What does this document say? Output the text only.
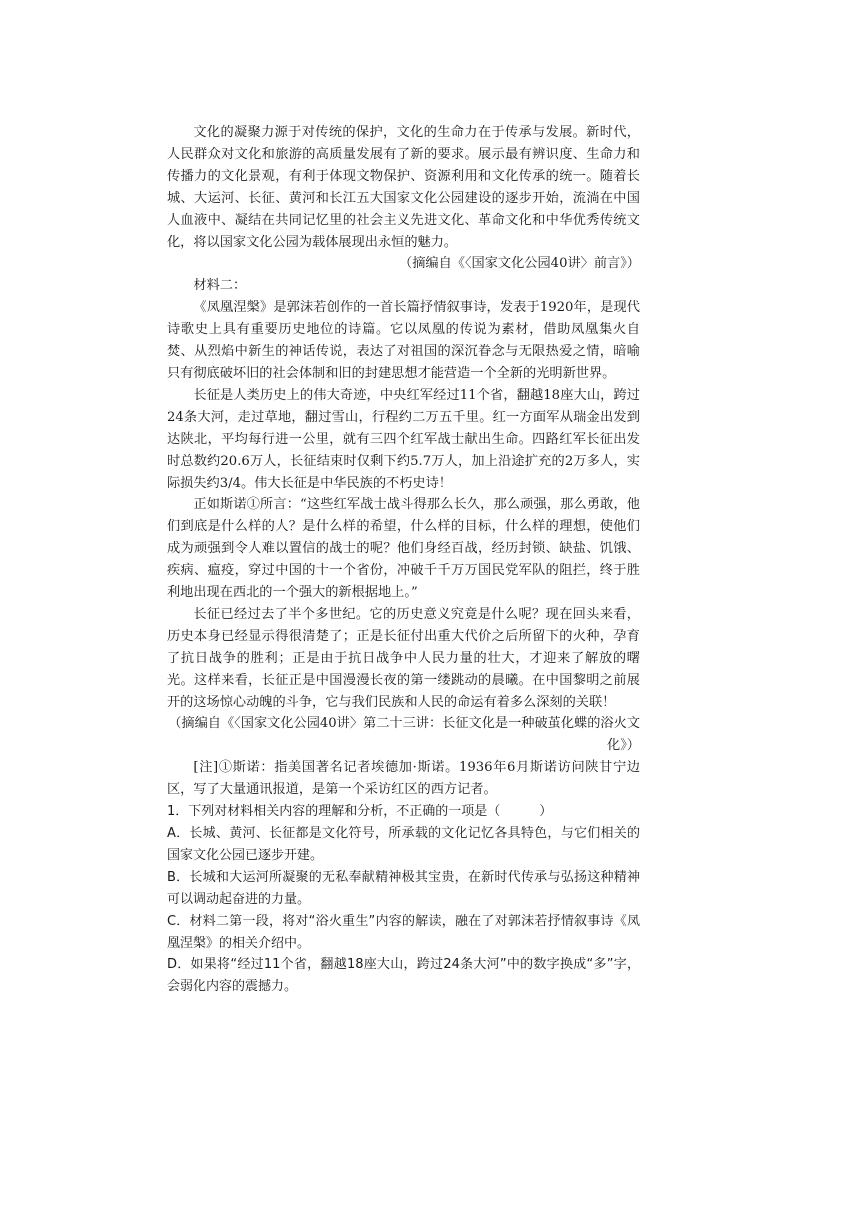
文化的凝聚力源于对传统的保护，文化的生命力在于传承与发展。新时代，人民群众对文化和旅游的高质量发展有了新的要求。展示最有辨识度、生命力和传播力的文化景观，有利于体现文物保护、资源利用和文化传承的统一。随着长城、大运河、长征、黄河和长江五大国家文化公园建设的逐步开始，流淌在中国人血液中、凝结在共同记忆里的社会主义先进文化、革命文化和中华优秀传统文化，将以国家文化公园为载体展现出永恒的魅力。

（摘编自《〈国家文化公园40讲〉前言》）

材料二：

《凤凰涅槃》是郭沫若创作的一首长篇抒情叙事诗，发表于1920年，是现代诗歌史上具有重要历史地位的诗篇。它以凤凰的传说为素材，借助凤凰集火自焚、从烈焰中新生的神话传说，表达了对祖国的深沉眷念与无限热爱之情，暗喻只有彻底破坏旧的社会体制和旧的封建思想才能营造一个全新的光明新世界。

长征是人类历史上的伟大奇迹，中央红军经过11个省，翻越18座大山，跨过24条大河，走过草地，翻过雪山，行程约二万五千里。红一方面军从瑞金出发到达陕北，平均每行进一公里，就有三四个红军战士献出生命。四路红军长征出发时总数约20.6万人，长征结束时仅剩下约5.7万人，加上沿途扩充的2万多人，实际损失约3/4。伟大长征是中华民族的不朽史诗！

正如斯诺①所言：“这些红军战士战斗得那么长久，那么顽强，那么勇敢，他们到底是什么样的人？是什么样的希望，什么样的目标，什么样的理想，使他们成为顽强到令人难以置信的战士的呢？他们身经百战，经历封锁、缺盐、饥饿、疾病、瘟疫，穿过中国的十一个省份，冲破千千万万国民党军队的阻拦，终于胜利地出现在西北的一个强大的新根据地上。”

长征已经过去了半个多世纪。它的历史意义究竟是什么呢？现在回头来看，历史本身已经显示得很清楚了；正是长征付出重大代价之后所留下的火种，孕育了抗日战争的胜利；正是由于抗日战争中人民力量的壮大，才迎来了解放的曙光。这样来看，长征正是中国漫漫长夜的第一缕跳动的晨曦。在中国黎明之前展开的这场惊心动魄的斗争，它与我们民族和人民的命运有着多么深刻的关联！

（摘编自《〈国家文化公园40讲〉第二十三讲：长征文化是一种破茧化蝶的浴火文化》）

[注]①斯诺：指美国著名记者埃德加·斯诺。1936年6月斯诺访问陕甘宁边区，写了大量通讯报道，是第一个采访红区的西方记者。

1．下列对材料相关内容的理解和分析，不正确的一项是（　　　）

A．长城、黄河、长征都是文化符号，所承载的文化记忆各具特色，与它们相关的国家文化公园已逐步开建。

B．长城和大运河所凝聚的无私奉献精神极其宝贵，在新时代传承与弘扬这种精神可以调动起奋进的力量。

C．材料二第一段，将对“浴火重生”内容的解读，融在了对郭沫若抒情叙事诗《凤凰涅槃》的相关介绍中。

D．如果将“经过11个省，翻越18座大山，跨过24条大河”中的数字换成“多”字，会弱化内容的震撼力。
